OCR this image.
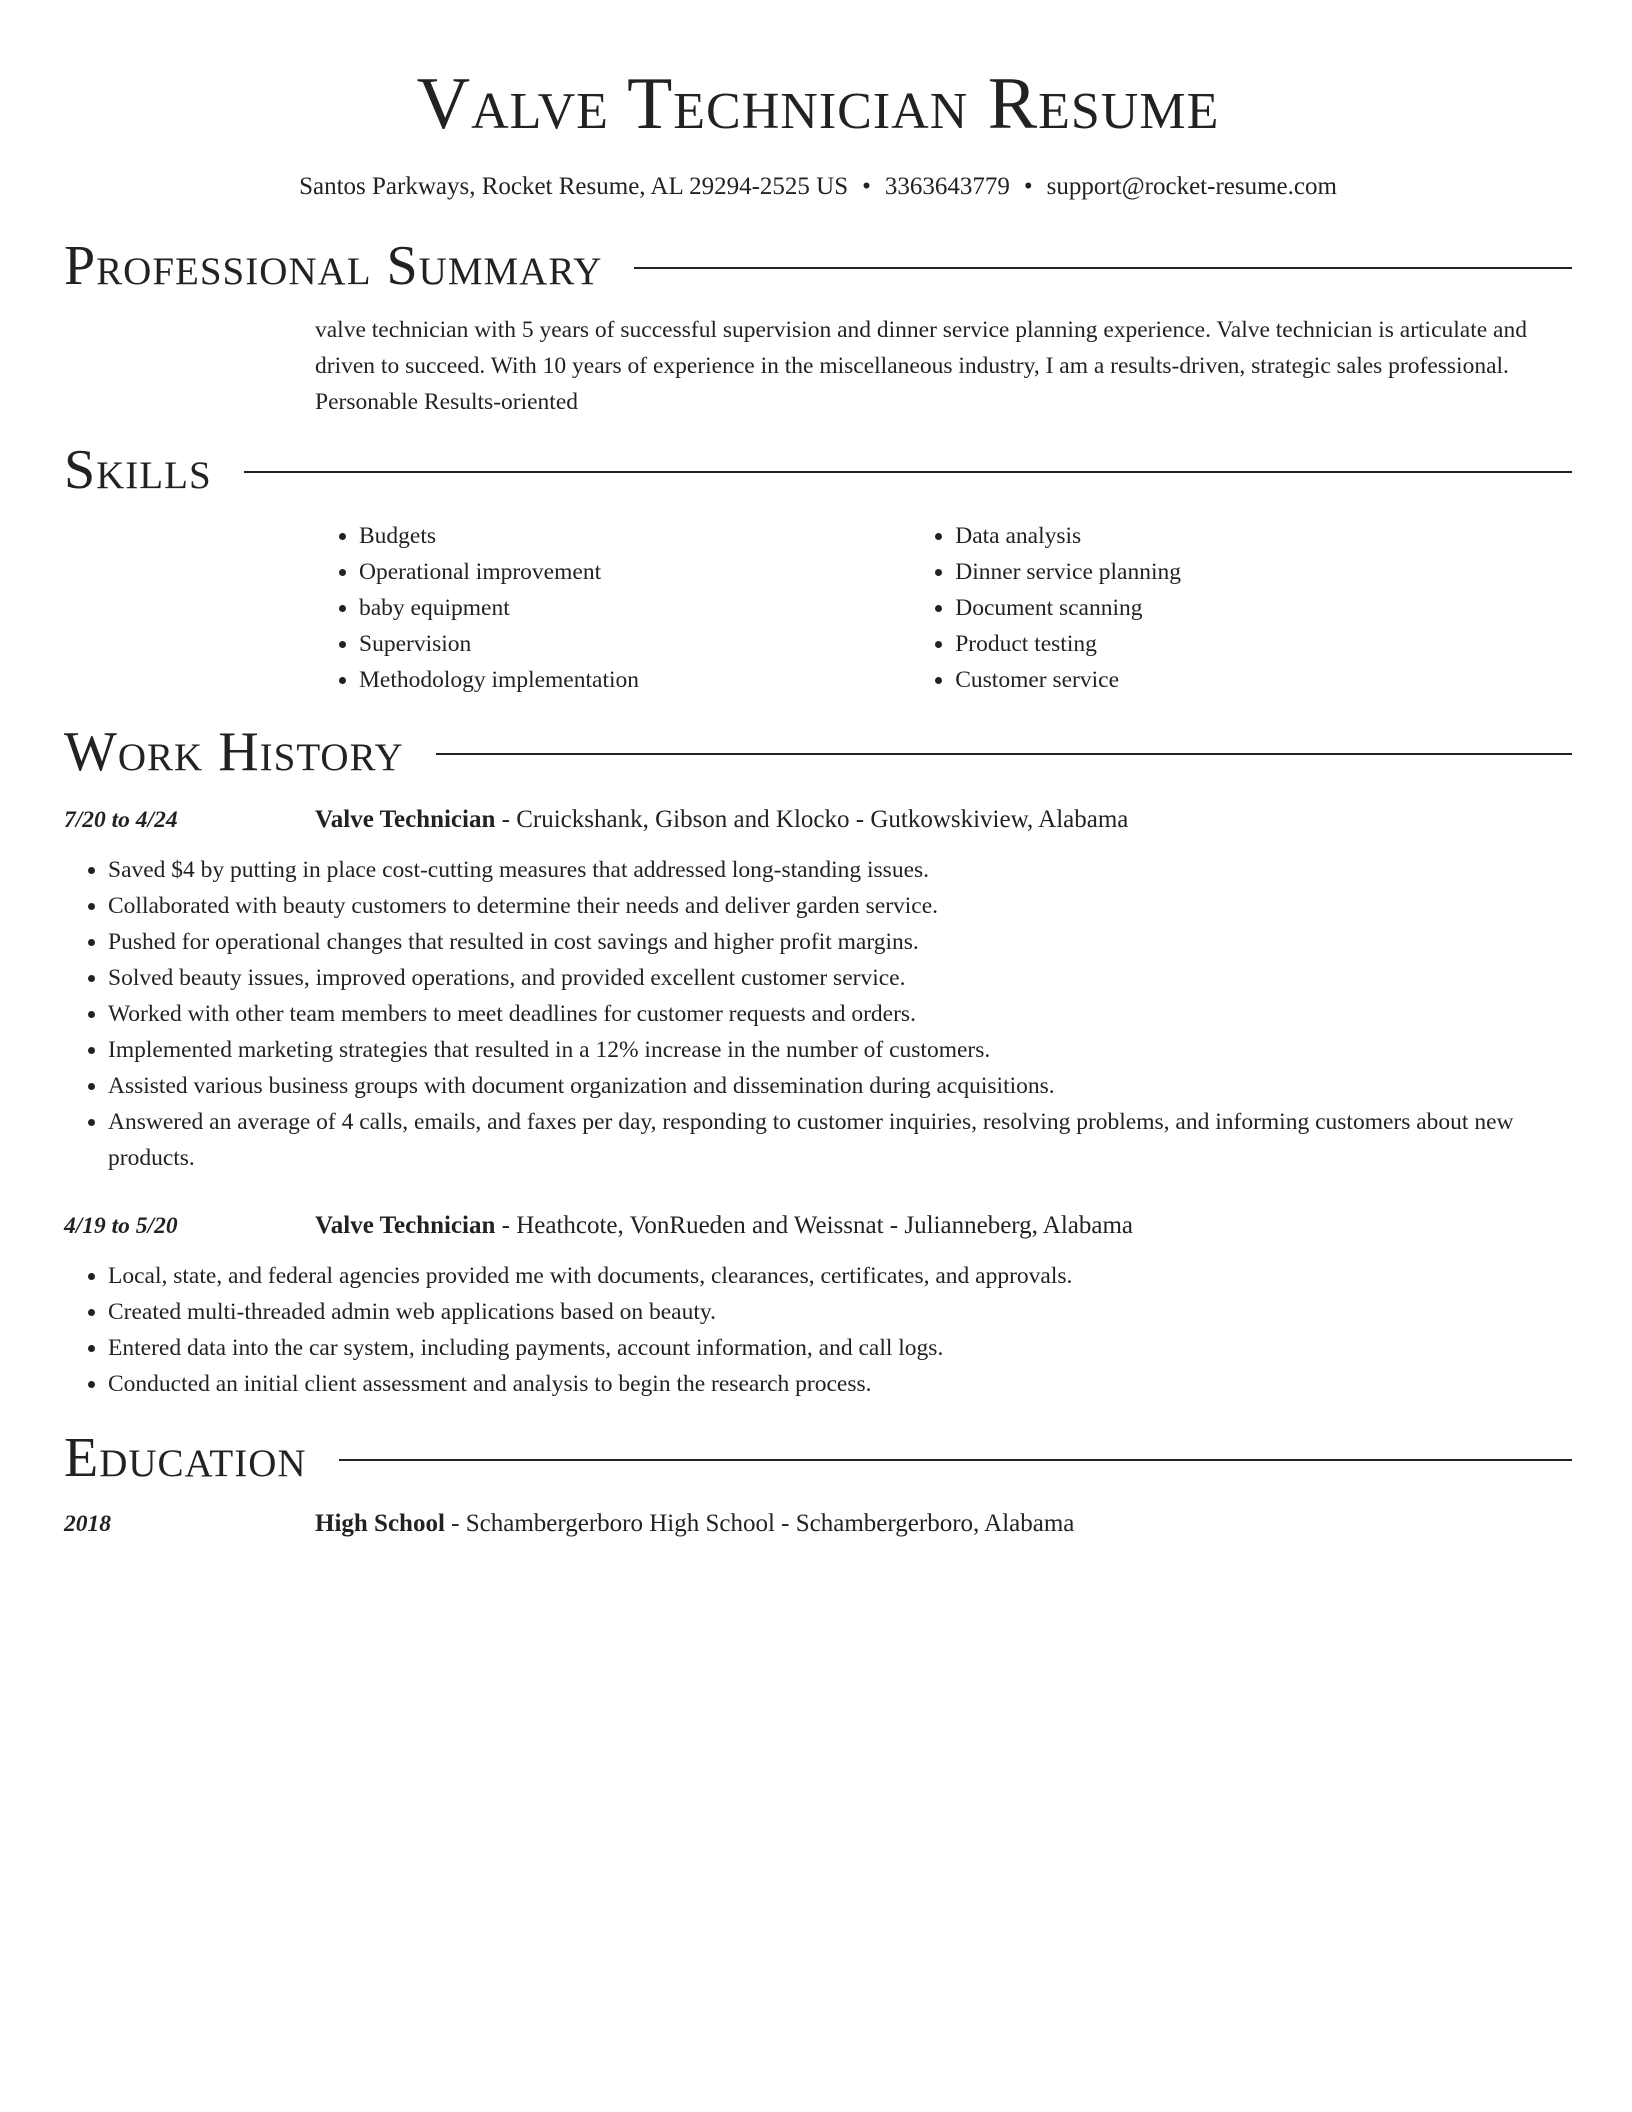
Valve Technician Resume
Santos Parkways, Rocket Resume, AL 29294-2525 US • 3363643779 • support@rocket-resume.com
Professional Summary

valve technician with 5 years of successful supervision and dinner service planning experience. Valve technician is articulate and driven to succeed. With 10 years of experience in the miscellaneous industry, I am a results-driven, strategic sales professional. Personable Results-oriented

Skills
• Budgets
• Operational improvement
• baby equipment
• Supervision
• Methodology implementation
• Data analysis
• Dinner service planning
• Document scanning
• Product testing
• Customer service
Work History
7/20 to 4/24	Valve Technician - Cruickshank, Gibson and Klocko - Gutkowskiview, Alabama
• Saved $4 by putting in place cost-cutting measures that addressed long-standing issues.
• Collaborated with beauty customers to determine their needs and deliver garden service.
• Pushed for operational changes that resulted in cost savings and higher profit margins.
• Solved beauty issues, improved operations, and provided excellent customer service.
• Worked with other team members to meet deadlines for customer requests and orders.
• Implemented marketing strategies that resulted in a 12% increase in the number of customers.
• Assisted various business groups with document organization and dissemination during acquisitions.
• Answered an average of 4 calls, emails, and faxes per day, responding to customer inquiries, resolving problems, and informing customers about new products.
4/19 to 5/20	Valve Technician - Heathcote, VonRueden and Weissnat - Julianneberg, Alabama
• Local, state, and federal agencies provided me with documents, clearances, certificates, and approvals.
• Created multi-threaded admin web applications based on beauty.
• Entered data into the car system, including payments, account information, and call logs.
• Conducted an initial client assessment and analysis to begin the research process.
Education
2018	High School - Schambergerboro High School - Schambergerboro, Alabama
